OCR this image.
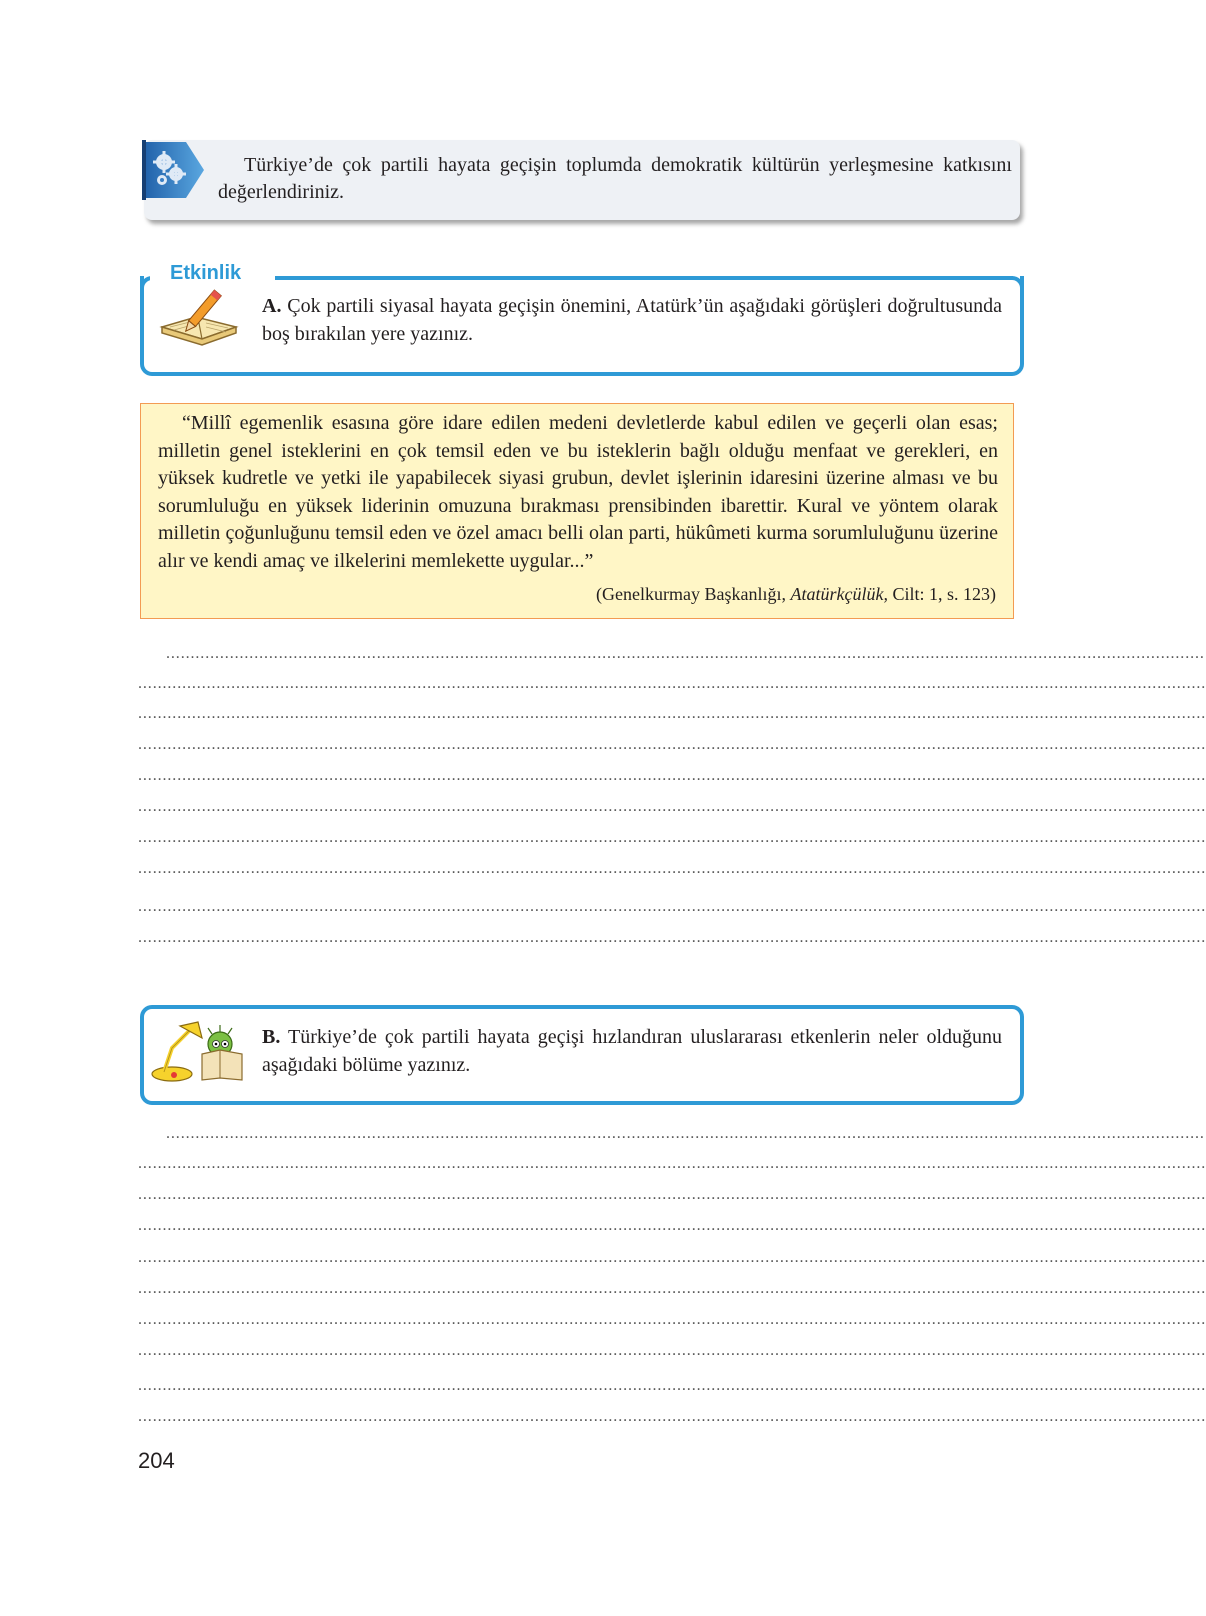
Türkiye’de çok partili hayata geçişin toplumda demokratik kültürün yerleşmesine katkısını değerlendiriniz.
Etkinlik
A. Çok partili siyasal hayata geçişin önemini, Atatürk’ün aşağıdaki görüşleri doğrultusunda boş bırakılan yere yazınız.
“Millî egemenlik esasına göre idare edilen medeni devletlerde kabul edilen ve geçerli olan esas; milletin genel isteklerini en çok temsil eden ve bu isteklerin bağlı olduğu menfaat ve gerekleri, en yüksek kudretle ve yetki ile yapabilecek siyasi grubun, devlet işlerinin idaresini üzerine alması ve bu sorumluluğu en yüksek liderinin omuzuna bırakması prensibinden ibarettir. Kural ve yöntem olarak milletin çoğunluğunu temsil eden ve özel amacı belli olan parti, hükûmeti kurma sorumluluğunu üzerine alır ve kendi amaç ve ilkelerini memlekette uygular...”
(Genelkurmay Başkanlığı, Atatürkçülük, Cilt: 1, s. 123)
....................................................................................................................................................................................................................
..........................................................................................................................................................................................................................
..........................................................................................................................................................................................................................
..........................................................................................................................................................................................................................
..........................................................................................................................................................................................................................
..........................................................................................................................................................................................................................
..........................................................................................................................................................................................................................
..........................................................................................................................................................................................................................
..........................................................................................................................................................................................................................
..........................................................................................................................................................................................................................
B. Türkiye’de çok partili hayata geçişi hızlandıran uluslararası etkenlerin neler olduğunu aşağıdaki bölüme yazınız.
....................................................................................................................................................................................................................
..........................................................................................................................................................................................................................
..........................................................................................................................................................................................................................
..........................................................................................................................................................................................................................
..........................................................................................................................................................................................................................
..........................................................................................................................................................................................................................
..........................................................................................................................................................................................................................
..........................................................................................................................................................................................................................
..........................................................................................................................................................................................................................
..........................................................................................................................................................................................................................
204
